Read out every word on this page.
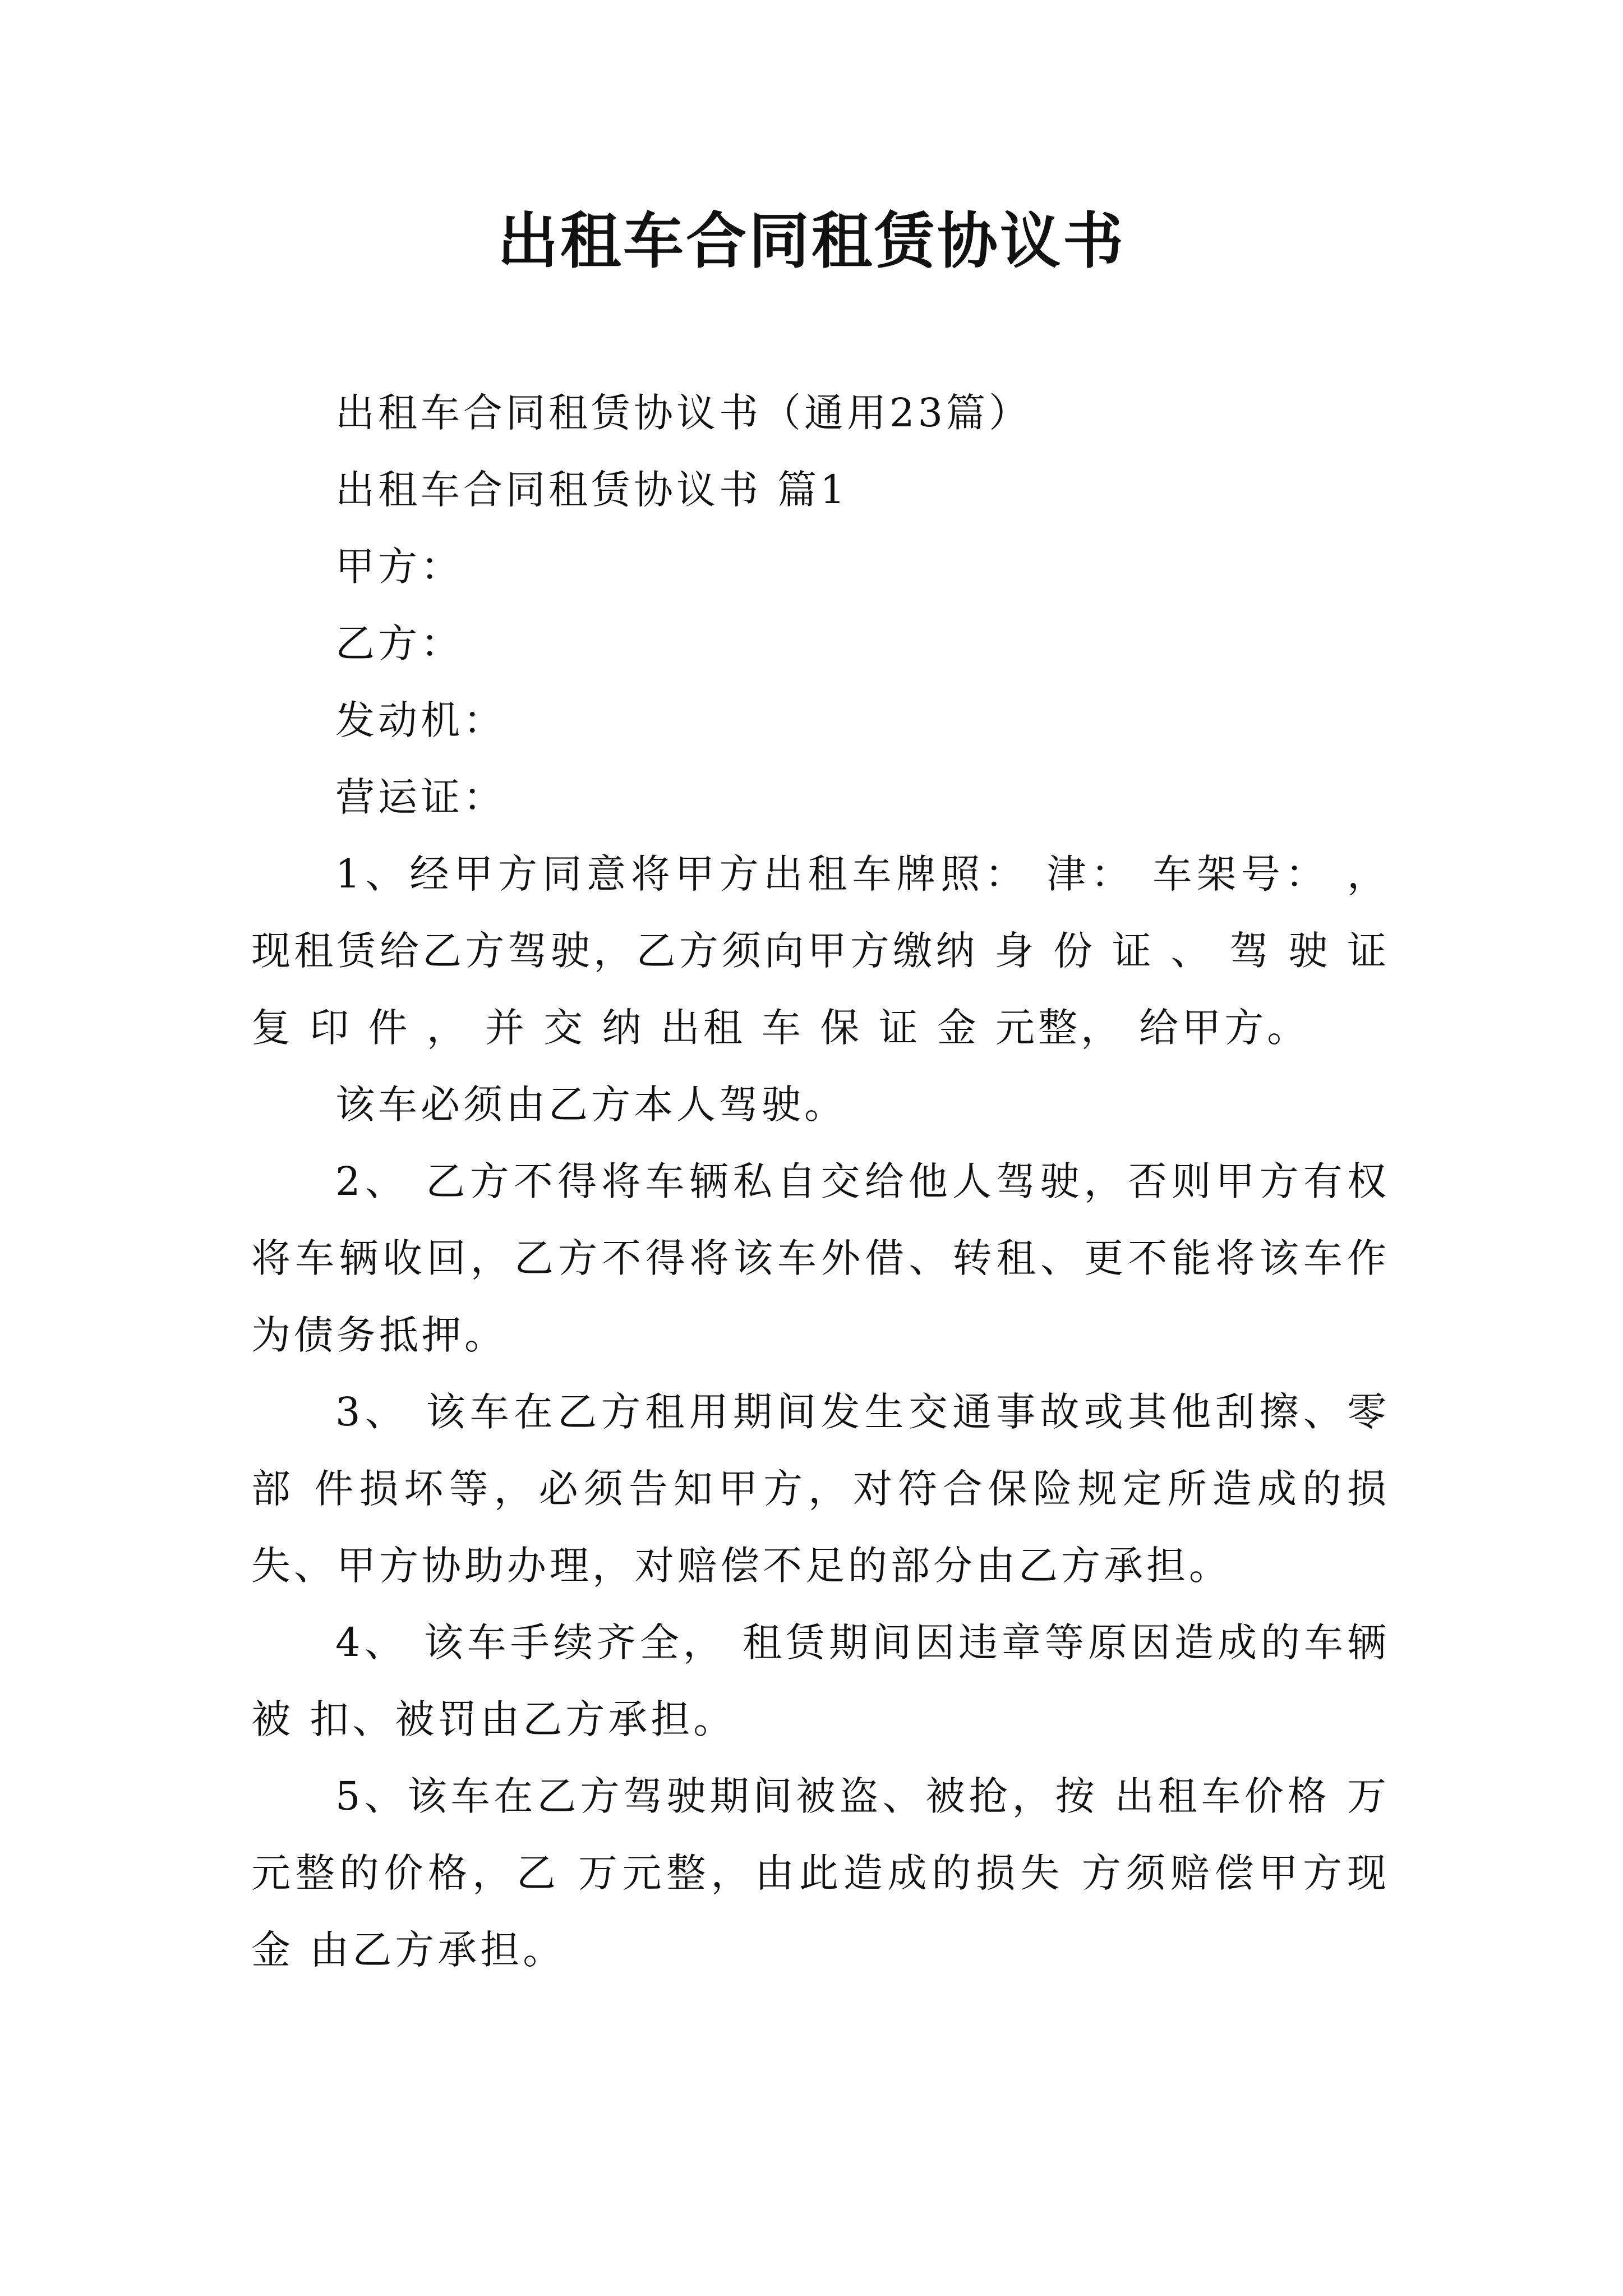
出租车合同租赁协议书

出租车合同租赁协议书（通用23篇）

出租车合同租赁协议书 篇1

甲方：

乙方：

发动机：

营运证：

1、经甲方同意将甲方出租车牌照： 津： 车架号： ，现租赁给乙方驾驶，乙方须向甲方缴纳 身 份 证 、 驾 驶 证 复 印 件 ， 并 交 纳 出租 车 保 证 金 元整， 给甲方。

该车必须由乙方本人驾驶。

2、 乙方不得将车辆私自交给他人驾驶，否则甲方有权将车辆收回，乙方不得将该车外借、转租、更不能将该车作为债务抵押。

3、 该车在乙方租用期间发生交通事故或其他刮擦、零部 件损坏等，必须告知甲方，对符合保险规定所造成的损失、甲方协助办理，对赔偿不足的部分由乙方承担。

4、 该车手续齐全， 租赁期间因违章等原因造成的车辆被 扣、被罚由乙方承担。

5、该车在乙方驾驶期间被盗、被抢，按 出租车价格 万元整的价格，乙 万元整，由此造成的损失 方须赔偿甲方现金 由乙方承担。
